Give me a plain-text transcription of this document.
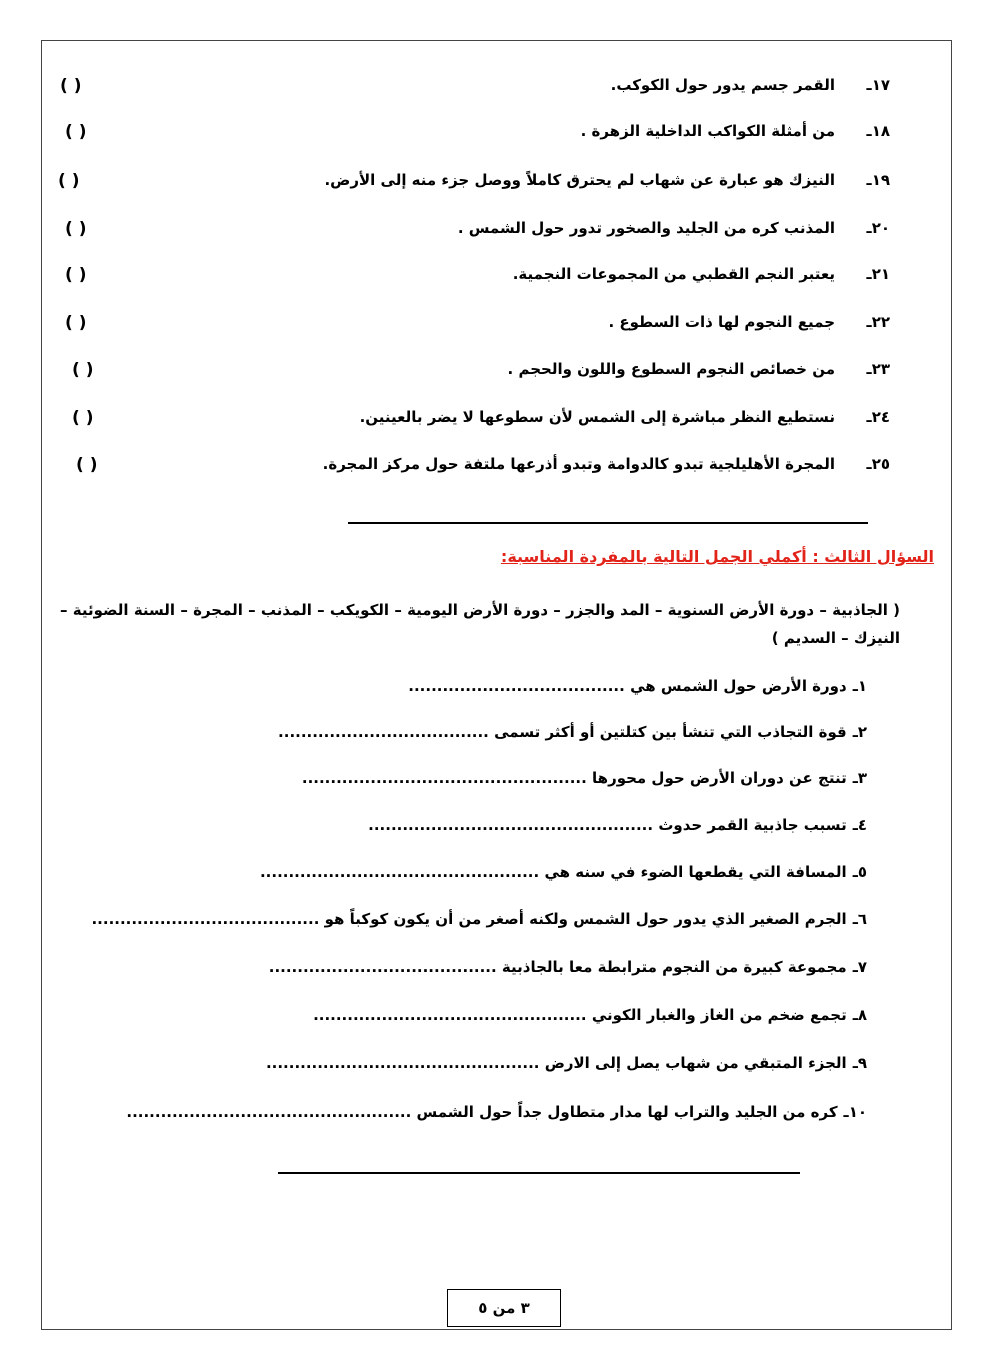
١٧ـ
القمر جسم يدور حول الكوكب.
( )
١٨ـ
من أمثلة الكواكب الداخلية الزهرة .
( )
١٩ـ
النيزك هو عبارة عن شهاب لم يحترق كاملاً ووصل جزء منه إلى الأرض.
( )
٢٠ـ
المذنب كره من الجليد والصخور تدور حول الشمس .
( )
٢١ـ
يعتبر النجم القطبي من المجموعات النجمية.
( )
٢٢ـ
جميع النجوم لها ذات السطوع .
( )
٢٣ـ
من خصائص النجوم السطوع واللون والحجم .
( )
٢٤ـ
نستطيع النظر مباشرة إلى الشمس لأن سطوعها لا يضر بالعينين.
( )
٢٥ـ
المجرة الأهليلجية تبدو كالدوامة وتبدو أذرعها ملتفة حول مركز المجرة.
( )
السؤال الثالث : أكملي الجمل التالية بالمفردة المناسبة:
( الجاذبية – دورة الأرض السنوية – المد والجزر – دورة الأرض اليومية – الكويكب – المذنب – المجرة – السنة الضوئية – النيزك – السديم )
١ـدورة الأرض حول الشمس هي ......................................
٢ـقوة التجاذب التي تنشأ بين كتلتين أو أكثر تسمى .....................................
٣ـتنتج عن دوران الأرض حول محورها ..................................................
٤ـتسبب جاذبية القمر حدوث ..................................................
٥ـالمسافة التي يقطعها الضوء في سنه هي .................................................
٦ـالجرم الصغير الذي يدور حول الشمس ولكنه أصغر من أن يكون كوكباً هو ........................................
٧ـمجموعة كبيرة من النجوم مترابطة معا بالجاذبية ........................................
٨ـتجمع ضخم من الغاز والغبار الكوني ................................................
٩ـالجزء المتبقي من شهاب يصل إلى الارض ................................................
١٠ـكره من الجليد والتراب لها مدار متطاول جداً حول الشمس ..................................................
٣ من ٥
